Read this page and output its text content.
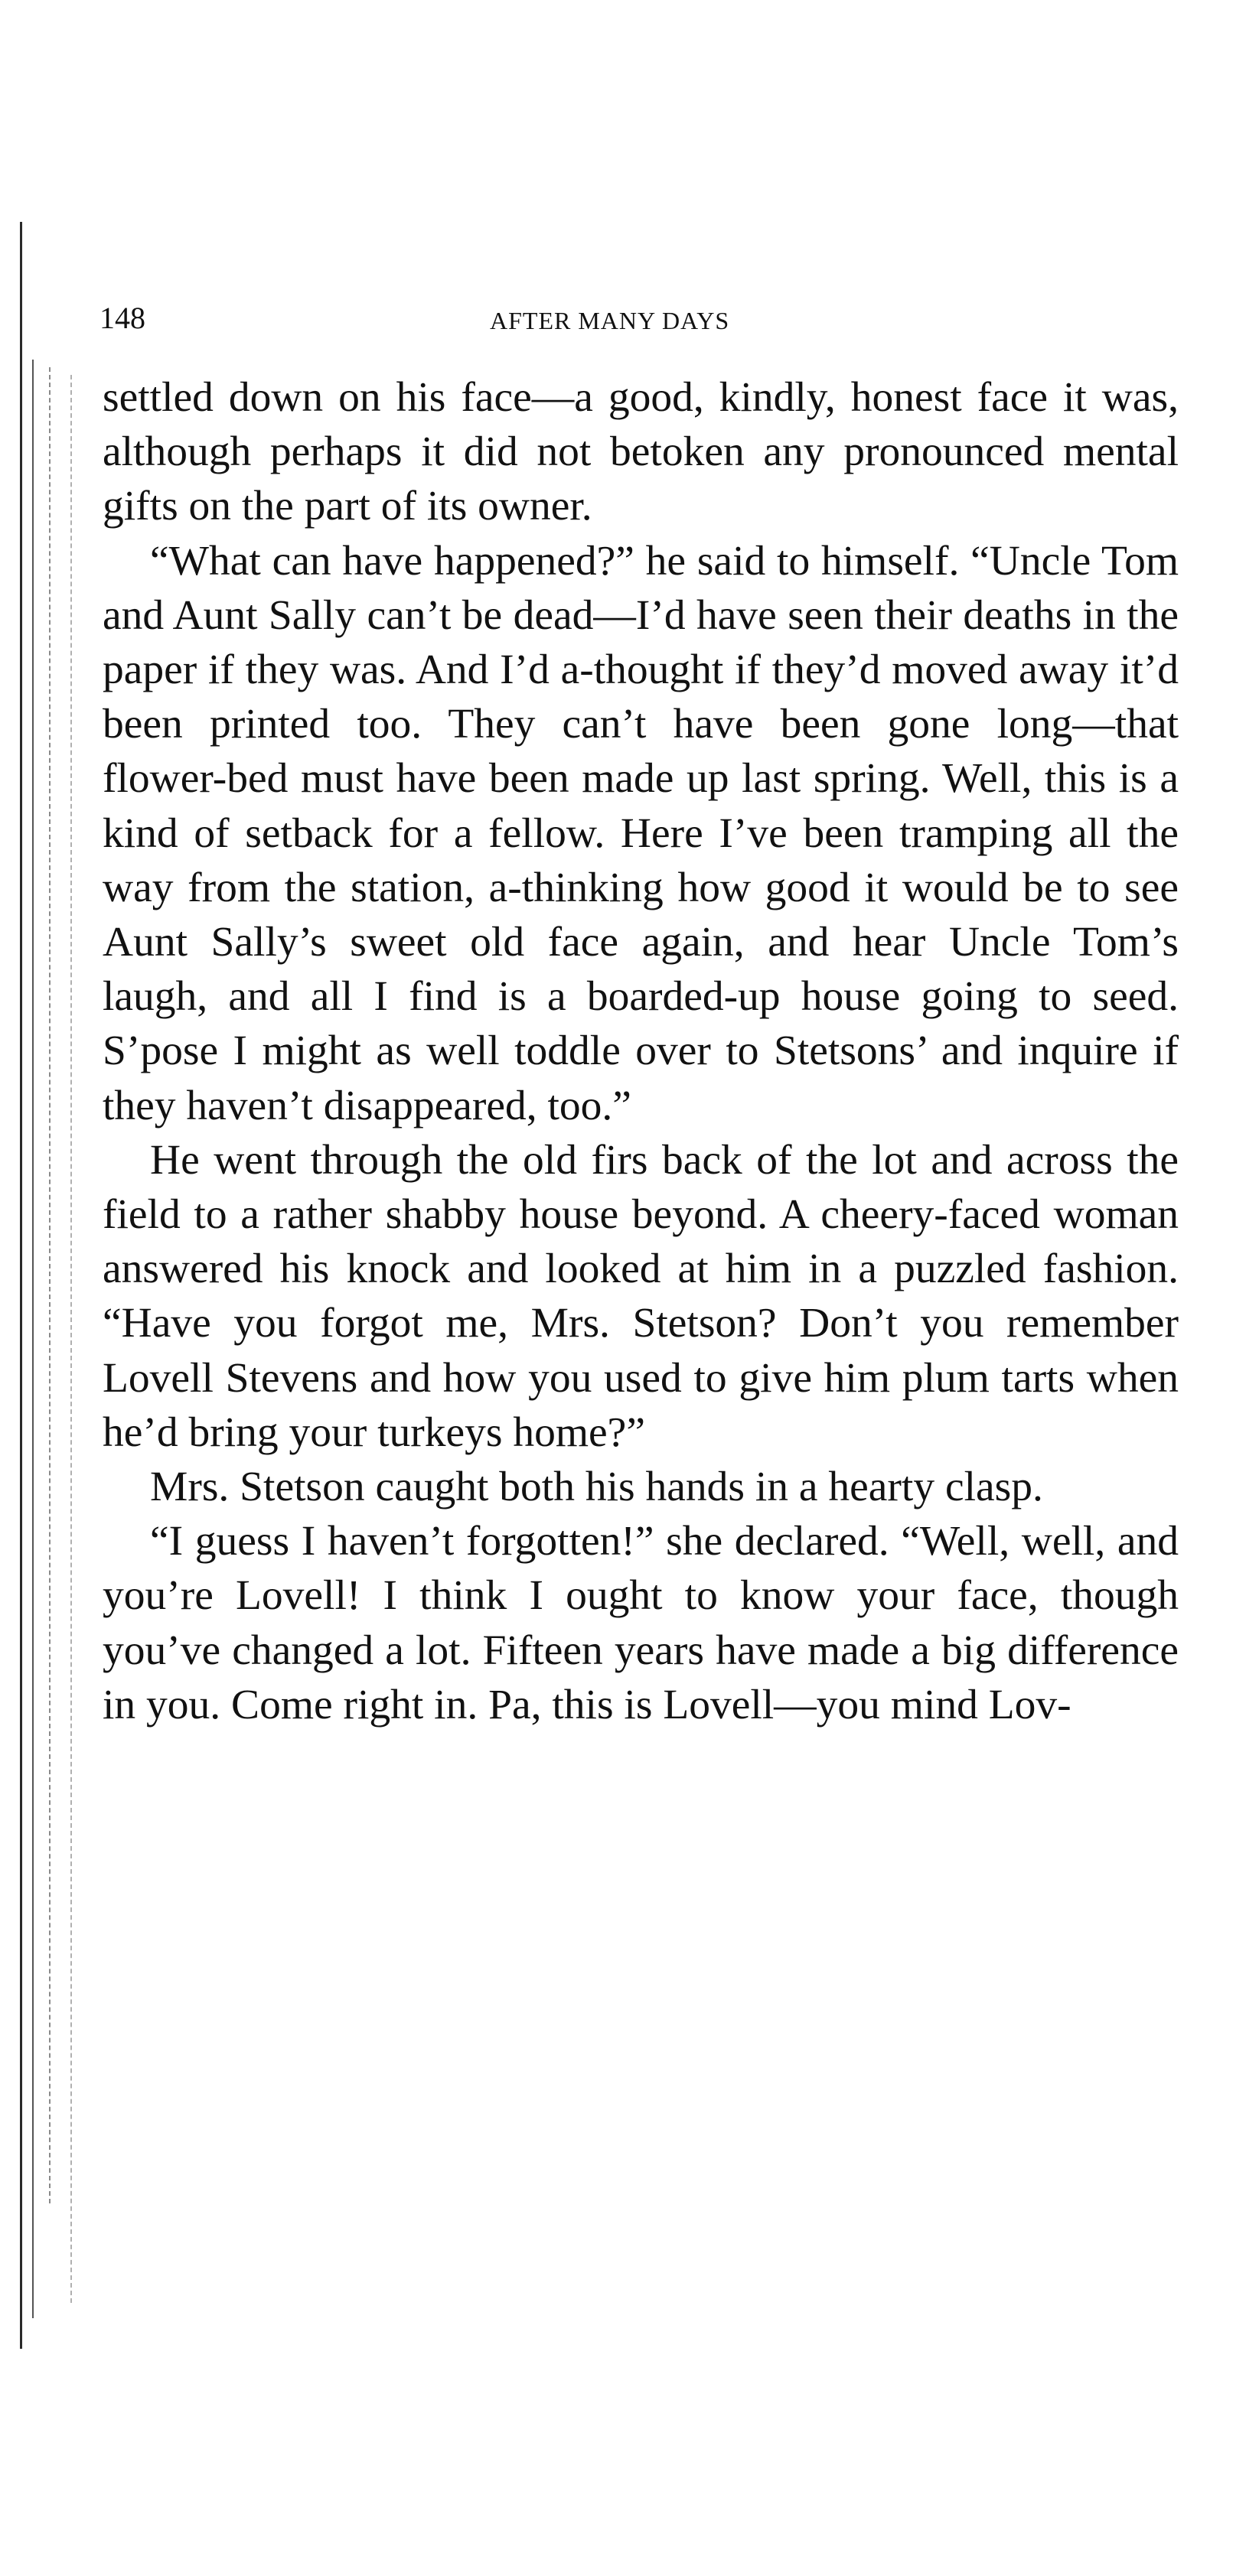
148	AFTER MANY DAYS

settled down on his face—a good, kindly, honest face it was, although perhaps it did not betoken any pronounced mental gifts on the part of its owner.

“What can have happened?” he said to himself. “Uncle Tom and Aunt Sally can’t be dead—I’d have seen their deaths in the paper if they was. And I’d a-thought if they’d moved away it’d been printed too. They can’t have been gone long—that flower-bed must have been made up last spring. Well, this is a kind of setback for a fellow. Here I’ve been tramping all the way from the station, a-thinking how good it would be to see Aunt Sally’s sweet old face again, and hear Uncle Tom’s laugh, and all I find is a boarded-up house going to seed. S’pose I might as well toddle over to Stetsons’ and inquire if they haven’t disappeared, too.”

He went through the old firs back of the lot and across the field to a rather shabby house beyond. A cheery-faced woman answered his knock and looked at him in a puzzled fashion. “Have you forgot me, Mrs. Stetson? Don’t you remember Lovell Stevens and how you used to give him plum tarts when he’d bring your turkeys home?”

Mrs. Stetson caught both his hands in a hearty clasp.

“I guess I haven’t forgotten!” she declared. “Well, well, and you’re Lovell! I think I ought to know your face, though you’ve changed a lot. Fifteen years have made a big difference in you. Come right in. Pa, this is Lovell—you mind Lov-
